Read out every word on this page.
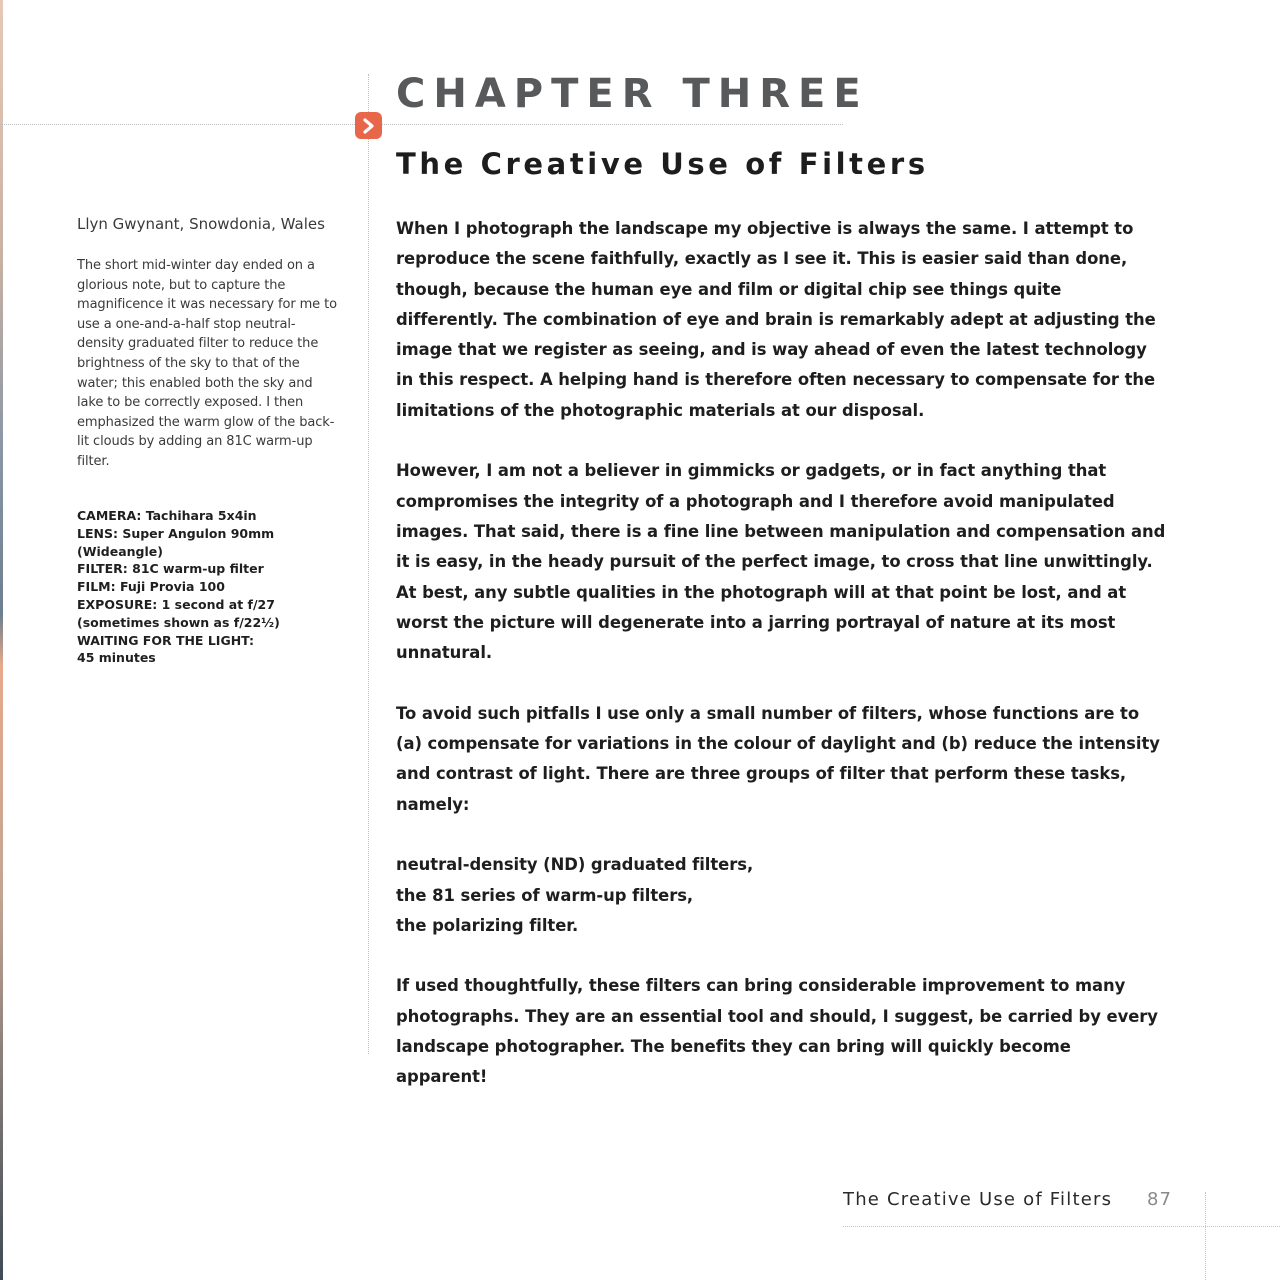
CHAPTER THREE
The Creative Use of Filters
Llyn Gwynant, Snowdonia, Wales

The short mid-winter day ended on a glorious note, but to capture the magnificence it was necessary for me to use a one-and-a-half stop neutral-density graduated filter to reduce the brightness of the sky to that of the water; this enabled both the sky and lake to be correctly exposed. I then emphasized the warm glow of the back-lit clouds by adding an 81C warm-up filter.

CAMERA: Tachihara 5x4in

LENS: Super Angulon 90mm

(Wideangle)

FILTER: 81C warm-up filter

FILM: Fuji Provia 100

EXPOSURE: 1 second at f/27

(sometimes shown as f/22½)

WAITING FOR THE LIGHT:

45 minutes

When I photograph the landscape my objective is always the same. I attempt to reproduce the scene faithfully, exactly as I see it. This is easier said than done, though, because the human eye and film or digital chip see things quite differently. The combination of eye and brain is remarkably adept at adjusting the image that we register as seeing, and is way ahead of even the latest technology in this respect. A helping hand is therefore often necessary to compensate for the limitations of the photographic materials at our disposal.

However, I am not a believer in gimmicks or gadgets, or in fact anything that compromises the integrity of a photograph and I therefore avoid manipulated images. That said, there is a fine line between manipulation and compensation and it is easy, in the heady pursuit of the perfect image, to cross that line unwittingly. At best, any subtle qualities in the photograph will at that point be lost, and at worst the picture will degenerate into a jarring portrayal of nature at its most unnatural.

To avoid such pitfalls I use only a small number of filters, whose functions are to (a) compensate for variations in the colour of daylight and (b) reduce the intensity and contrast of light. There are three groups of filter that perform these tasks, namely:

neutral-density (ND) graduated filters,

the 81 series of warm-up filters,

the polarizing filter.

If used thoughtfully, these filters can bring considerable improvement to many photographs. They are an essential tool and should, I suggest, be carried by every landscape photographer. The benefits they can bring will quickly become apparent!

The Creative Use of Filters 87
